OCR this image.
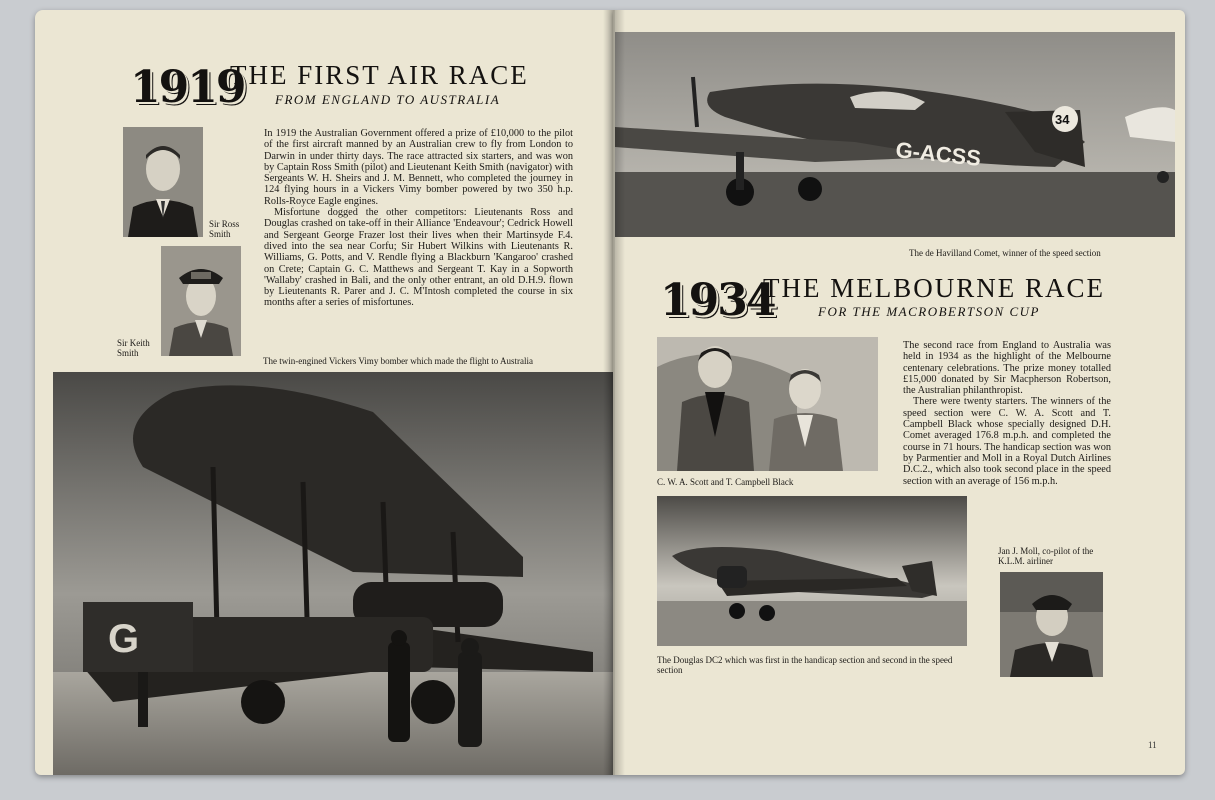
1919
THE FIRST AIR RACE
FROM ENGLAND TO AUSTRALIA
Sir Ross Smith
Sir Keith Smith

In 1919 the Australian Government offered a prize of £10,000 to the pilot of the first aircraft manned by an Australian crew to fly from London to Darwin in under thirty days. The race attracted six starters, and was won by Captain Ross Smith (pilot) and Lieutenant Keith Smith (navigator) with Sergeants W. H. Sheirs and J. M. Bennett, who completed the journey in 124 flying hours in a Vickers Vimy bomber powered by two 350 h.p. Rolls-Royce Eagle engines.

Misfortune dogged the other competitors: Lieutenants Ross and Douglas crashed on take-off in their Alliance 'Endeavour'; Cedrick Howell and Sergeant George Frazer lost their lives when their Martinsyde F.4. dived into the sea near Corfu; Sir Hubert Wilkins with Lieutenants R. Williams, G. Potts, and V. Rendle flying a Blackburn 'Kangaroo' crashed on Crete; Captain G. C. Matthews and Sergeant T. Kay in a Sopworth 'Wallaby' crashed in Bali, and the only other entrant, an old D.H.9. flown by Lieutenants R. Parer and J. C. M'Intosh completed the course in six months after a series of misfortunes.

The twin-engined Vickers Vimy bomber which made the flight to Australia
G
34
G-ACSS
The de Havilland Comet, winner of the speed section
1934
THE MELBOURNE RACE
FOR THE MACROBERTSON CUP
C. W. A. Scott and T. Campbell Black

The second race from England to Australia was held in 1934 as the highlight of the Melbourne centenary celebrations. The prize money totalled £15,000 donated by Sir Macpherson Robertson, the Australian philanthropist.

There were twenty starters. The winners of the speed section were C. W. A. Scott and T. Campbell Black whose specially designed D.H. Comet averaged 176.8 m.p.h. and completed the course in 71 hours. The handicap section was won by Parmentier and Moll in a Royal Dutch Airlines D.C.2., which also took second place in the speed section with an average of 156 m.p.h.

The Douglas DC2 which was first in the handicap section and second in the speed section
Jan J. Moll, co-pilot of the K.L.M. airliner
11
